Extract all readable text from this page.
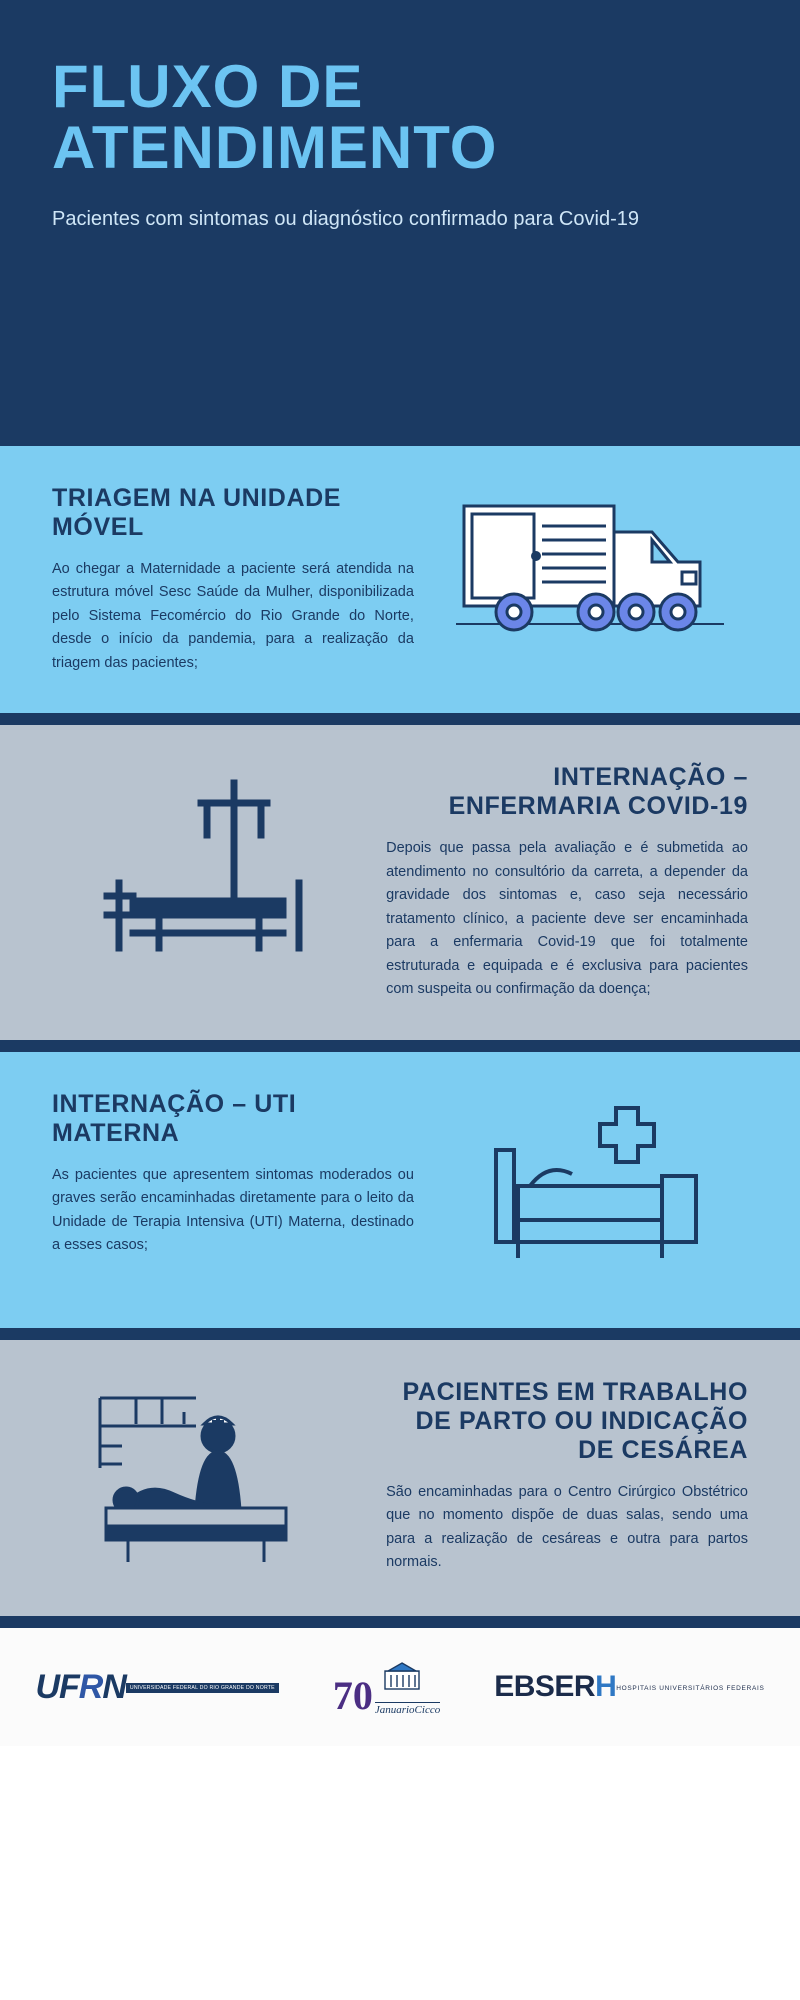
FLUXO DE ATENDIMENTO
Pacientes com sintomas ou diagnóstico confirmado para Covid-19
TRIAGEM NA UNIDADE MÓVEL
Ao chegar a Maternidade a paciente será atendida na estrutura móvel Sesc Saúde da Mulher, disponibilizada pelo Sistema Fecomércio do Rio Grande do Norte, desde o início da pandemia, para a realização da triagem das pacientes;
INTERNAÇÃO – ENFERMARIA COVID-19
Depois que passa pela avaliação e é submetida ao atendimento no consultório da carreta, a depender da gravidade dos sintomas e, caso seja necessário tratamento clínico, a paciente deve ser encaminhada para a enfermaria Covid-19 que foi totalmente estruturada e equipada e é exclusiva para pacientes com suspeita ou confirmação da doença;
INTERNAÇÃO – UTI MATERNA
As pacientes que apresentem sintomas moderados ou graves serão encaminhadas diretamente para o leito da Unidade de Terapia Intensiva (UTI) Materna, destinado a esses casos;
PACIENTES EM TRABALHO DE PARTO OU INDICAÇÃO DE CESÁREA
São encaminhadas para o Centro Cirúrgico Obstétrico que no momento dispõe de duas salas, sendo uma para a realização de cesáreas e outra para partos normais.
UFRN UNIVERSIDADE FEDERAL DO RIO GRANDE DO NORTE 70 JanuarioCicco
EBSERH HOSPITAIS UNIVERSITÁRIOS FEDERAIS
